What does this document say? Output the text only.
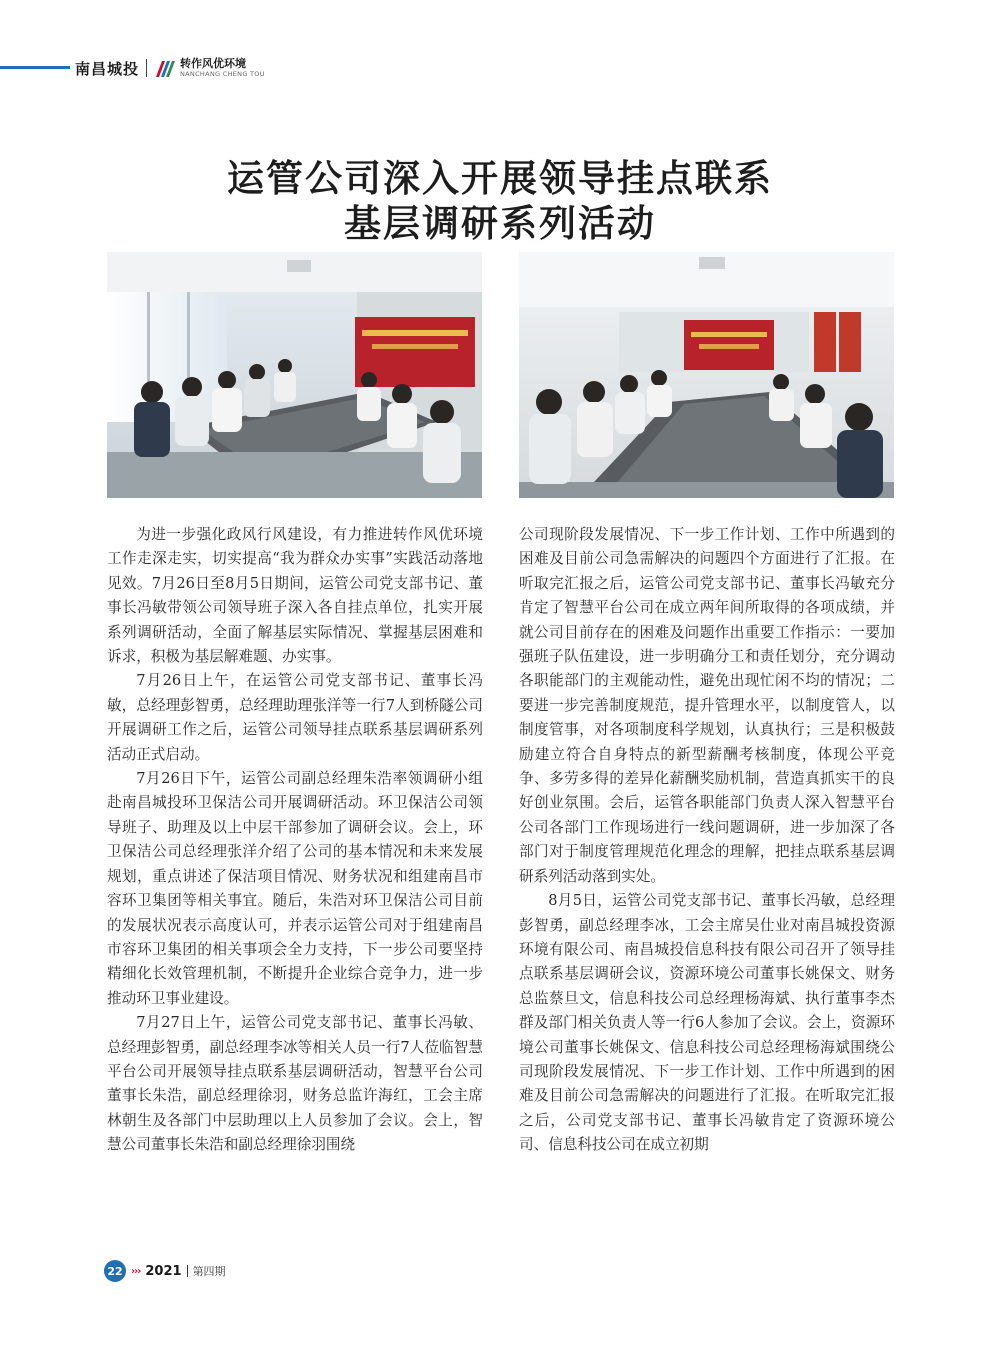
南昌城投	转作风优环境
NANCHANG CHENG TOU
运管公司深入开展领导挂点联系
基层调研系列活动

为进一步强化政风行风建设，有力推进转作风优环境工作走深走实，切实提高“我为群众办实事”实践活动落地见效。7月26日至8月5日期间，运管公司党支部书记、董事长冯敏带领公司领导班子深入各自挂点单位，扎实开展系列调研活动，全面了解基层实际情况、掌握基层困难和诉求，积极为基层解难题、办实事。

7月26日上午，在运管公司党支部书记、董事长冯敏，总经理彭智勇，总经理助理张洋等一行7人到桥隧公司开展调研工作之后，运管公司领导挂点联系基层调研系列活动正式启动。

7月26日下午，运管公司副总经理朱浩率领调研小组赴南昌城投环卫保洁公司开展调研活动。环卫保洁公司领导班子、助理及以上中层干部参加了调研会议。会上，环卫保洁公司总经理张洋介绍了公司的基本情况和未来发展规划，重点讲述了保洁项目情况、财务状况和组建南昌市容环卫集团等相关事宜。随后，朱浩对环卫保洁公司目前的发展状况表示高度认可，并表示运管公司对于组建南昌市容环卫集团的相关事项会全力支持，下一步公司要坚持精细化长效管理机制，不断提升企业综合竞争力，进一步推动环卫事业建设。

7月27日上午，运管公司党支部书记、董事长冯敏、总经理彭智勇，副总经理李冰等相关人员一行7人莅临智慧平台公司开展领导挂点联系基层调研活动，智慧平台公司董事长朱浩，副总经理徐羽，财务总监许海红，工会主席林朝生及各部门中层助理以上人员参加了会议。会上，智慧公司董事长朱浩和副总经理徐羽围绕

公司现阶段发展情况、下一步工作计划、工作中所遇到的困难及目前公司急需解决的问题四个方面进行了汇报。在听取完汇报之后，运管公司党支部书记、董事长冯敏充分肯定了智慧平台公司在成立两年间所取得的各项成绩，并就公司目前存在的困难及问题作出重要工作指示：一要加强班子队伍建设，进一步明确分工和责任划分，充分调动各职能部门的主观能动性，避免出现忙闲不均的情况；二要进一步完善制度规范，提升管理水平，以制度管人，以制度管事，对各项制度科学规划，认真执行；三是积极鼓励建立符合自身特点的新型薪酬考核制度，体现公平竞争、多劳多得的差异化薪酬奖励机制，营造真抓实干的良好创业氛围。会后，运管各职能部门负责人深入智慧平台公司各部门工作现场进行一线问题调研，进一步加深了各部门对于制度管理规范化理念的理解，把挂点联系基层调研系列活动落到实处。

8月5日，运管公司党支部书记、董事长冯敏，总经理彭智勇，副总经理李冰，工会主席吴仕业对南昌城投资源环境有限公司、南昌城投信息科技有限公司召开了领导挂点联系基层调研会议，资源环境公司董事长姚保文、财务总监蔡旦文，信息科技公司总经理杨海斌、执行董事李杰群及部门相关负责人等一行6人参加了会议。会上，资源环境公司董事长姚保文、信息科技公司总经理杨海斌围绕公司现阶段发展情况、下一步工作计划、工作中所遇到的困难及目前公司急需解决的问题进行了汇报。在听取完汇报之后，公司党支部书记、董事长冯敏肯定了资源环境公司、信息科技公司在成立初期

22 ››› 2021 第四期
